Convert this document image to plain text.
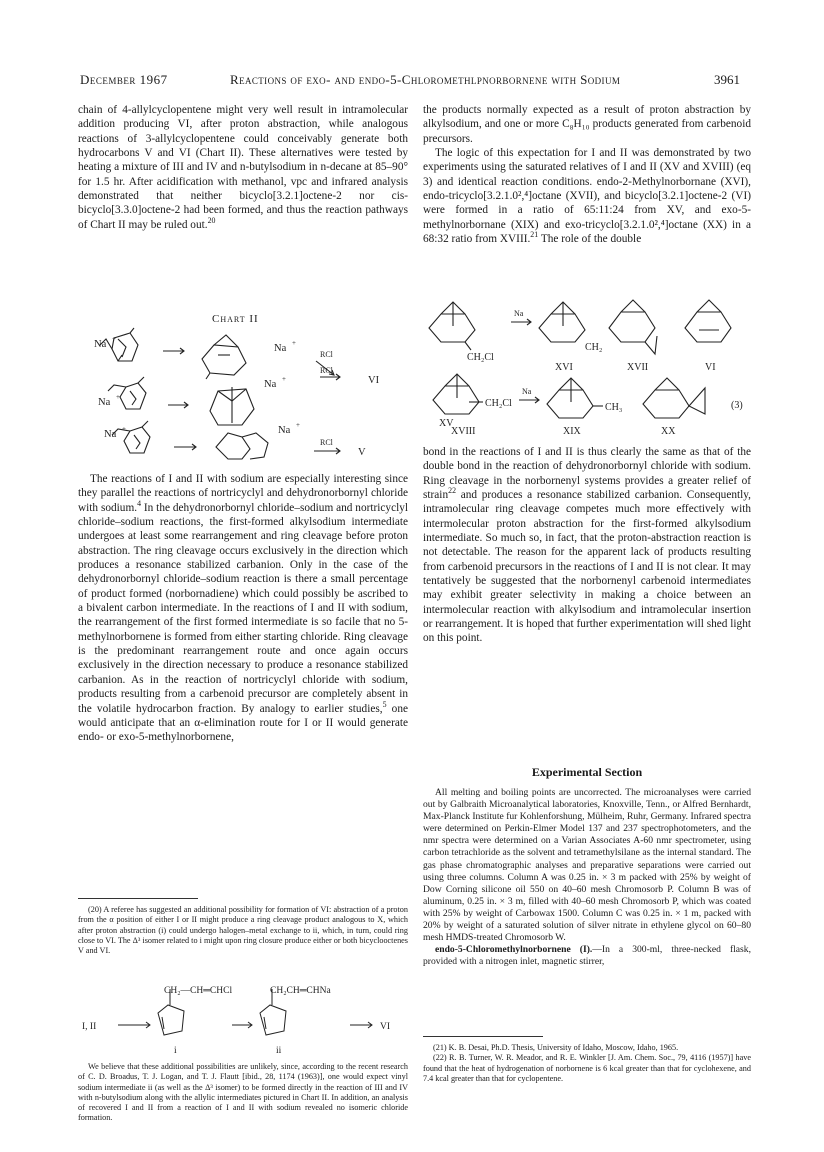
December 1967	Reactions of exo- and endo-5-Chloromethlpnorbornene with Sodium	3961

chain of 4-allylcyclopentene might very well result in intramolecular addition producing VI, after proton abstraction, while analogous reactions of 3-allylcyclopentene could conceivably generate both hydrocarbons V and VI (Chart II). These alternatives were tested by heating a mixture of III and IV and n-butylsodium in n-decane at 85–90° for 1.5 hr. After acidification with methanol, vpc and infrared analysis demonstrated that neither bicyclo[3.2.1]octene-2 nor cis-bicyclo[3.3.0]octene-2 had been formed, and thus the reaction pathways of Chart II may be ruled out.$^{20}$

Chart II
Na +
Na +
RCl
VI
Na +
Na +
RCl
Na +	Na +
RCl
V

The reactions of I and II with sodium are especially interesting since they parallel the reactions of nortricyclyl and dehydronorbornyl chloride with sodium.$^4$ In the dehydronorbornyl chloride–sodium and nortricyclyl chloride–sodium reactions, the first-formed alkylsodium intermediate undergoes at least some rearrangement and ring cleavage before proton abstraction. The ring cleavage occurs exclusively in the direction which produces a resonance stabilized carbanion. Only in the case of the dehydronorbornyl chloride–sodium reaction is there a small percentage of product formed (norbornadiene) which could possibly be ascribed to a bivalent carbon intermediate. In the reactions of I and II with sodium, the rearrangement of the first formed intermediate is so facile that no 5-methylnorbornene is formed from either starting chloride. Ring cleavage is the predominant rearrangement route and once again occurs exclusively in the direction necessary to produce a resonance stabilized carbanion. As in the reaction of nortricyclyl chloride with sodium, products resulting from a carbenoid precursor are completely absent in the volatile hydrocarbon fraction. By analogy to earlier studies,$^5$ one would anticipate that an α-elimination route for I or II would generate endo- or exo-5-methylnorbornene,

(20) A referee has suggested an additional possibility for formation of VI: abstraction of a proton from the α position of either I or II might produce a ring cleavage product analogous to X, which after proton abstraction (i) could undergo halogen–metal exchange to ii, which, in turn, could ring close to VI. The Δ³ isomer related to i might upon ring closure produce either or both bicyclooctenes V and VI.

I, II
CH₂—CH═CHCl	CH₂CH═CHNa
i	ii
VI

We believe that these additional possibilities are unlikely, since, according to the recent research of C. D. Broadus, T. J. Logan, and T. J. Flautt [ibid., 28, 1174 (1963)], one would expect vinyl sodium intermediate ii (as well as the Δ³ isomer) to be formed directly in the reaction of III and IV with n-butylsodium along with the allylic intermediates pictured in Chart II. In addition, an analysis of recovered I and II from a reaction of I and II with sodium revealed no isomeric chloride formation.

the products normally expected as a result of proton abstraction by alkylsodium, and one or more C₈H₁₀ products generated from carbenoid precursors.

The logic of this expectation for I and II was demonstrated by two experiments using the saturated relatives of I and II (XV and XVIII) (eq 3) and identical reaction conditions. endo-2-Methylnorbornane (XVI), endo-tricyclo[3.2.1.0²,⁴]octane (XVII), and bicyclo[3.2.1]octene-2 (VI) were formed in a ratio of 65:11:24 from XV, and exo-5-methylnorbornane (XIX) and exo-tricyclo[3.2.1.0²,⁴]octane (XX) in a 68:32 ratio from XVIII.$^{21}$ The role of the double

CH₂Cl
Na
CH₂
XV
XVI	XVII	VI
CH₂Cl
Na
CH₃
XVIII	XIX	XX
(3)

bond in the reactions of I and II is thus clearly the same as that of the double bond in the reaction of dehydronorbornyl chloride with sodium. Ring cleavage in the norbornenyl systems provides a greater relief of strain$^{22}$ and produces a resonance stabilized carbanion. Consequently, intramolecular ring cleavage competes much more effectively with intermolecular proton abstraction for the first-formed alkylsodium intermediate. So much so, in fact, that the proton-abstraction reaction is not detectable. The reason for the apparent lack of products resulting from carbenoid precursors in the reactions of I and II is not clear. It may tentatively be suggested that the norbornenyl carbenoid intermediates may exhibit greater selectivity in making a choice between an intermolecular reaction with alkylsodium and intramolecular insertion or rearrangement. It is hoped that further experimentation will shed light on this point.

Experimental Section

All melting and boiling points are uncorrected. The microanalyses were carried out by Galbraith Microanalytical laboratories, Knoxville, Tenn., or Alfred Bernhardt, Max-Planck Institute fur Kohlenforshung, Mülheim, Ruhr, Germany. Infrared spectra were determined on Perkin-Elmer Model 137 and 237 spectrophotometers, and the nmr spectra were determined on a Varian Associates A-60 nmr spectrometer, using carbon tetrachloride as the solvent and tetramethylsilane as the internal standard. The gas phase chromatographic analyses and preparative separations were carried out using three columns. Column A was 0.25 in. × 3 m packed with 25% by weight of Dow Corning silicone oil 550 on 40–60 mesh Chromosorb P. Column B was of aluminum, 0.25 in. × 3 m, filled with 40–60 mesh Chromosorb P, which was coated with 25% by weight of Carbowax 1500. Column C was 0.25 in. × 1 m, packed with 20% by weight of a saturated solution of silver nitrate in ethylene glycol on 60–80 mesh HMDS-treated Chromosorb W.

endo-5-Chloromethylnorbornene (I).—In a 300-ml, three-necked flask, provided with a nitrogen inlet, magnetic stirrer,

(21) K. B. Desai, Ph.D. Thesis, University of Idaho, Moscow, Idaho, 1965.

(22) R. B. Turner, W. R. Meador, and R. E. Winkler [J. Am. Chem. Soc., 79, 4116 (1957)] have found that the heat of hydrogenation of norbornene is 6 kcal greater than that for cyclohexene, and 7.4 kcal greater than that for cyclopentene.
